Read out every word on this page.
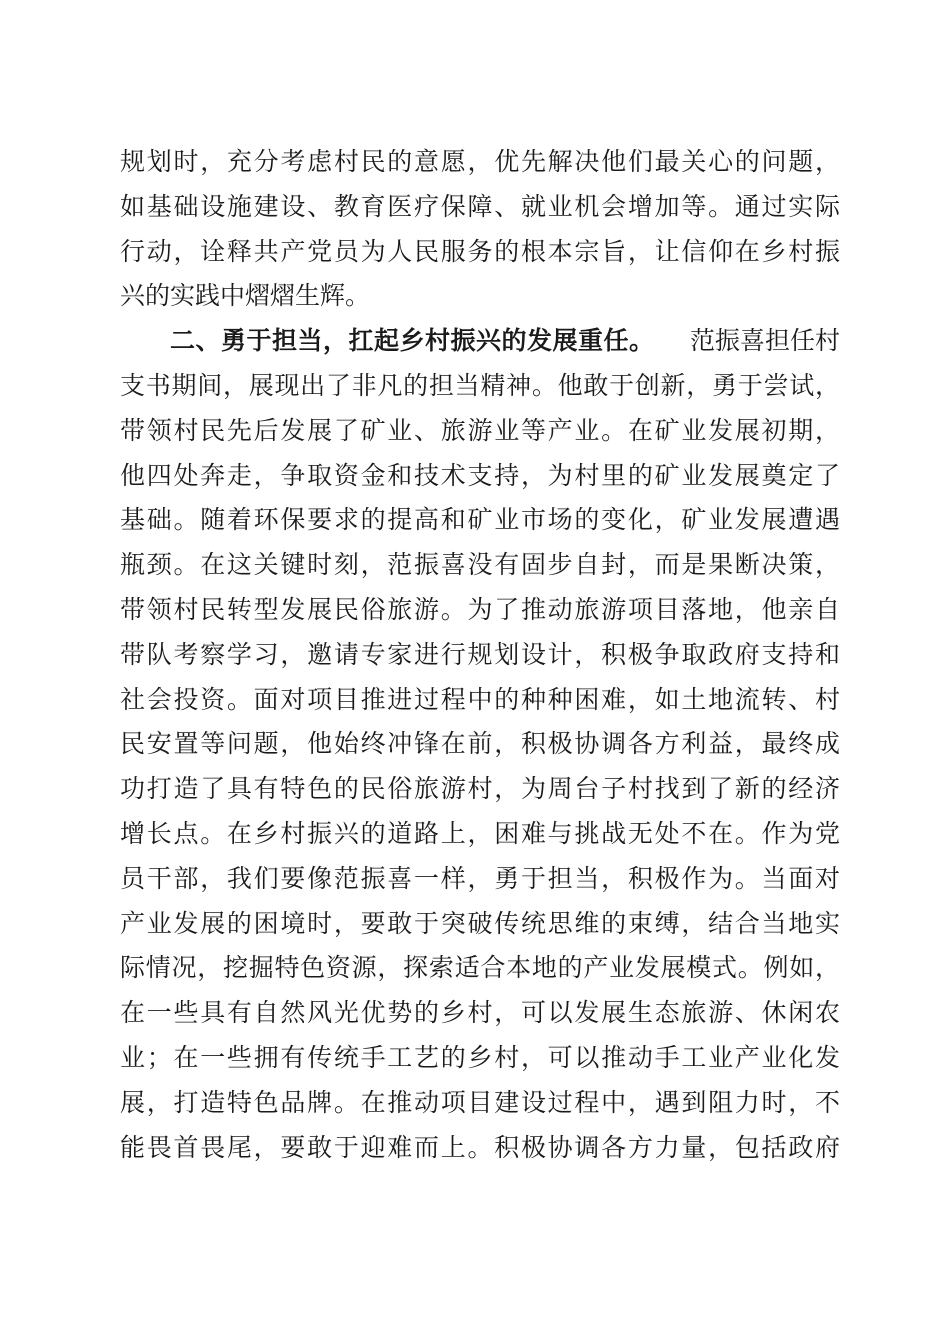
规划时，充分考虑村民的意愿，优先解决他们最关心的问题，
如基础设施建设、教育医疗保障、就业机会增加等。通过实际
行动，诠释共产党员为人民服务的根本宗旨，让信仰在乡村振
兴的实践中熠熠生辉。
二、勇于担当，扛起乡村振兴的发展重任。 范振喜担任村
支书期间，展现出了非凡的担当精神。他敢于创新，勇于尝试，
带领村民先后发展了矿业、旅游业等产业。在矿业发展初期，
他四处奔走，争取资金和技术支持，为村里的矿业发展奠定了
基础。随着环保要求的提高和矿业市场的变化，矿业发展遭遇
瓶颈。在这关键时刻，范振喜没有固步自封，而是果断决策，
带领村民转型发展民俗旅游。为了推动旅游项目落地，他亲自
带队考察学习，邀请专家进行规划设计，积极争取政府支持和
社会投资。面对项目推进过程中的种种困难，如土地流转、村
民安置等问题，他始终冲锋在前，积极协调各方利益，最终成
功打造了具有特色的民俗旅游村，为周台子村找到了新的经济
增长点。在乡村振兴的道路上，困难与挑战无处不在。作为党
员干部，我们要像范振喜一样，勇于担当，积极作为。当面对
产业发展的困境时，要敢于突破传统思维的束缚，结合当地实
际情况，挖掘特色资源，探索适合本地的产业发展模式。例如，
在一些具有自然风光优势的乡村，可以发展生态旅游、休闲农
业；在一些拥有传统手工艺的乡村，可以推动手工业产业化发
展，打造特色品牌。在推动项目建设过程中，遇到阻力时，不
能畏首畏尾，要敢于迎难而上。积极协调各方力量，包括政府
